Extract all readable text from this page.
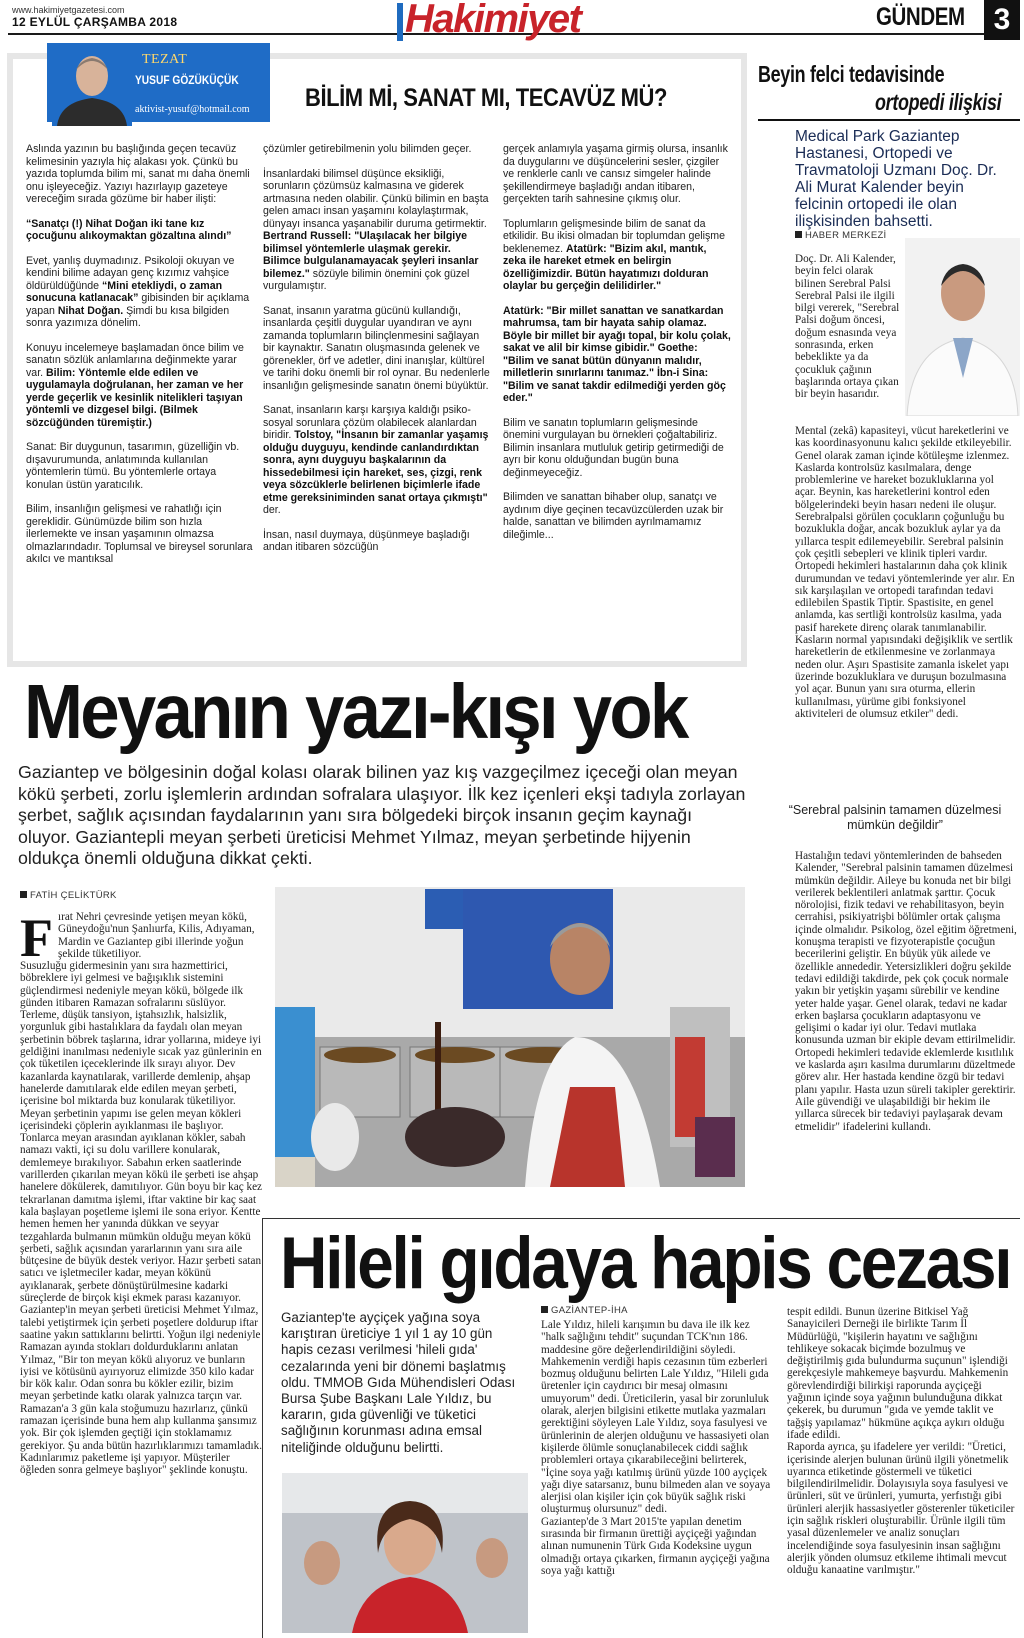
www.hakimiyetgazetesi.com
12 EYLÜL ÇARŞAMBA 2018	Hakimiyet	GÜNDEM 3
TEZAT
YUSUF GÖZÜKÜÇÜK
aktivist-yusuf@hotmail.com BİLİM Mİ, SANAT MI, TECAVÜZ MÜ?

Aslında yazının bu başlığında geçen tecavüz kelimesinin yazıyla hiç alakası yok. Çünkü bu yazıda toplumda bilim mi, sanat mı daha önemli onu işleyeceğiz. Yazıyı hazırlayıp gazeteye vereceğim sırada gözüme bir haber ilişti:

“Sanatçı (!) Nihat Doğan iki tane kız çocuğunu alıkoymaktan gözaltına alındı”

Evet, yanlış duymadınız. Psikoloji okuyan ve kendini bilime adayan genç kızımız vahşice öldürüldüğünde “Mini etekliydi, o zaman sonucuna katlanacak” gibisinden bir açıklama yapan Nihat Doğan. Şimdi bu kısa bilgiden sonra yazımıza dönelim.

Konuyu incelemeye başlamadan önce bilim ve sanatın sözlük anlamlarına değinmekte yarar var. Bilim: Yöntemle elde edilen ve uygulamayla doğrulanan, her zaman ve her yerde geçerlik ve kesinlik nitelikleri taşıyan yöntemli ve dizgesel bilgi. (Bilmek sözcüğünden türemiştir.)

Sanat: Bir duygunun, tasarımın, güzelliğin vb. dışavurumunda, anlatımında kullanılan yöntemlerin tümü. Bu yöntemlerle ortaya konulan üstün yaratıcılık.

Bilim, insanlığın gelişmesi ve rahatlığı için gereklidir. Günümüzde bilim son hızla ilerlemekte ve insan yaşamının olmazsa olmazlarındadır. Toplumsal ve bireysel sorunlara akılcı ve mantıksal

çözümler getirebilmenin yolu bilimden geçer.

İnsanlardaki bilimsel düşünce eksikliği, sorunların çözümsüz kalmasına ve giderek artmasına neden olabilir. Çünkü bilimin en başta gelen amacı insan yaşamını kolaylaştırmak, dünyayı insanca yaşanabilir duruma getirmektir. Bertrand Russell: "Ulaşılacak her bilgiye bilimsel yöntemlerle ulaşmak gerekir. Bilimce bulgulanamayacak şeyleri insanlar bilemez." sözüyle bilimin önemini çok güzel vurgulamıştır.

Sanat, insanın yaratma gücünü kullandığı, insanlarda çeşitli duygular uyandıran ve aynı zamanda toplumların bilinçlenmesini sağlayan bir kaynaktır. Sanatın oluşmasında gelenek ve görenekler, örf ve adetler, dini inanışlar, kültürel ve tarihi doku önemli bir rol oynar. Bu nedenlerle insanlığın gelişmesinde sanatın önemi büyüktür.

Sanat, insanların karşı karşıya kaldığı psiko-sosyal sorunlara çözüm olabilecek alanlardan biridir. Tolstoy, "İnsanın bir zamanlar yaşamış olduğu duyguyu, kendinde canlandırdıktan sonra, aynı duyguyu başkalarının da hissedebilmesi için hareket, ses, çizgi, renk veya sözcüklerle belirlenen biçimlerle ifade etme gereksiniminden sanat ortaya çıkmıştı" der.

İnsan, nasıl duymaya, düşünmeye başladığı andan itibaren sözcüğün

gerçek anlamıyla yaşama girmiş olursa, insanlık da duygularını ve düşüncelerini sesler, çizgiler ve renklerle canlı ve cansız simgeler halinde şekillendirmeye başladığı andan itibaren, gerçekten tarih sahnesine çıkmış olur.

Toplumların gelişmesinde bilim de sanat da etkilidir. Bu ikisi olmadan bir toplumdan gelişme beklenemez. Atatürk: "Bizim akıl, mantık, zeka ile hareket etmek en belirgin özelliğimizdir. Bütün hayatımızı dolduran olaylar bu gerçeğin delilidirler."

Atatürk: "Bir millet sanattan ve sanatkardan mahrumsa, tam bir hayata sahip olamaz. Böyle bir millet bir ayağı topal, bir kolu çolak, sakat ve alil bir kimse gibidir." Goethe: "Bilim ve sanat bütün dünyanın malıdır, milletlerin sınırlarını tanımaz." İbn-i Sina: "Bilim ve sanat takdir edilmediği yerden göç eder."

Bilim ve sanatın toplumların gelişmesinde önemini vurgulayan bu örnekleri çoğaltabiliriz. Bilimin insanlara mutluluk getirip getirmediği de ayrı bir konu olduğundan bugün buna değinmeyeceğiz.

Bilimden ve sanattan bihaber olup, sanatçı ve aydınım diye geçinen tecavüzcülerden uzak bir halde, sanattan ve bilimden ayrılmamamız dileğimle...

Beyin felci tedavisinde
ortopedi ilişkisi
Medical Park Gaziantep Hastanesi, Ortopedi ve Travmatoloji Uzmanı Doç. Dr. Ali Murat Kalender beyin felcinin ortopedi ile olan ilişkisinden bahsetti.
HABER MERKEZİ
Doç. Dr. Ali Kalender, beyin felci olarak bilinen Serebral Palsi Serebral Palsi ile ilgili bilgi vererek, "Serebral Palsi doğum öncesi, doğum esnasında veya sonrasında, erken bebeklikte ya da çocukluk çağının başlarında ortaya çıkan bir beyin hasarıdır.
Mental (zekâ) kapasiteyi, vücut hareketlerini ve kas koordinasyonunu kalıcı şekilde etkileyebilir. Genel olarak zaman içinde kötüleşme izlenmez. Kaslarda kontrolsüz kasılmalara, denge problemlerine ve hareket bozukluklarına yol açar. Beynin, kas hareketlerini kontrol eden bölgelerindeki beyin hasarı nedeni ile oluşur. Serebralpalsi görülen çocukların çoğunluğu bu bozuklukla doğar, ancak bozukluk aylar ya da yıllarca tespit edilemeyebilir. Serebral palsinin çok çeşitli sebepleri ve klinik tipleri vardır. Ortopedi hekimleri hastalarının daha çok klinik durumundan ve tedavi yöntemlerinde yer alır. En sık karşılaşılan ve ortopedi tarafından tedavi edilebilen Spastik Tiptir. Spastisite, en genel anlamda, kas sertliği kontrolsüz kasılma, yada pasif harekete direnç olarak tanımlanabilir. Kasların normal yapısındaki değişiklik ve sertlik hareketlerin de etkilenmesine ve zorlanmaya neden olur. Aşırı Spastisite zamanla iskelet yapı üzerinde bozukluklara ve duruşun bozulmasına yol açar. Bunun yanı sıra oturma, ellerin kullanılması, yürüme gibi fonksiyonel aktiviteleri de olumsuz etkiler" dedi.
“Serebral palsinin tamamen düzelmesi mümkün değildir”
Hastalığın tedavi yöntemlerinden de bahseden Kalender, "Serebral palsinin tamamen düzelmesi mümkün değildir. Aileye bu konuda net bir bilgi verilerek beklentileri anlatmak şarttır. Çocuk nörolojisi, fizik tedavi ve rehabilitasyon, beyin cerrahisi, psikiyatrişbi bölümler ortak çalışma içinde olmalıdır. Psikolog, özel eğitim öğretmeni, konuşma terapisti ve fizyoterapistle çocuğun becerilerini geliştir. En büyük yük ailede ve özellikle annededir. Yetersizlikleri doğru şekilde tedavi edildiği takdirde, pek çok çocuk normale yakın bir yetişkin yaşamı sürebilir ve kendine yeter halde yaşar. Genel olarak, tedavi ne kadar erken başlarsa çocukların adaptasyonu ve gelişimi o kadar iyi olur. Tedavi mutlaka konusunda uzman bir ekiple devam ettirilmelidir. Ortopedi hekimleri tedavide eklemlerde kısıtlılık ve kaslarda aşırı kasılma durumlarını düzeltmede görev alır. Her hastada kendine özgü bir tedavi planı yapılır. Hasta uzun süreli takipler gerektirir. Aile güvendiği ve ulaşabildiği bir hekim ile yıllarca sürecek bir tedaviyi paylaşarak devam etmelidir" ifadelerini kullandı.
Meyanın yazı-kışı yok
Gaziantep ve bölgesinin doğal kolası olarak bilinen yaz kış vazgeçilmez içeceği olan meyan kökü şerbeti, zorlu işlemlerin ardından sofralara ulaşıyor. İlk kez içenleri ekşi tadıyla zorlayan şerbet, sağlık açısından faydalarının yanı sıra bölgedeki birçok insanın geçim kaynağı oluyor. Gaziantepli meyan şerbeti üreticisi Mehmet Yılmaz, meyan şerbetinde hijyenin oldukça önemli olduğuna dikkat çekti.
FATİH ÇELİKTÜRK
F ırat Nehri çevresinde yetişen meyan kökü, Güneydoğu'nun Şanlıurfa, Kilis, Adıyaman, Mardin ve Gaziantep gibi illerinde yoğun şekilde tüketiliyor.
Susuzluğu gidermesinin yanı sıra hazmettirici, böbreklere iyi gelmesi ve bağışıklık sistemini güçlendirmesi nedeniyle meyan kökü, bölgede ilk günden itibaren Ramazan sofralarını süslüyor. Terleme, düşük tansiyon, iştahsızlık, halsizlik, yorgunluk gibi hastalıklara da faydalı olan meyan şerbetinin böbrek taşlarına, idrar yollarına, mideye iyi geldiğini inanılması nedeniyle sıcak yaz günlerinin en çok tüketilen içeceklerinde ilk sırayı alıyor. Dev kazanlarda kaynatılarak, varillerde demlenip, ahşap hanelerde damıtılarak elde edilen meyan şerbeti, içerisine bol miktarda buz konularak tüketiliyor.
Meyan şerbetinin yapımı ise gelen meyan kökleri içerisindeki çöplerin ayıklanması ile başlıyor. Tonlarca meyan arasından ayıklanan kökler, sabah namazı vakti, içi su dolu varillere konularak, demlemeye bırakılıyor. Sabahın erken saatlerinde varillerden çıkarılan meyan kökü ile şerbeti ise ahşap hanelere dökülerek, damıtılıyor. Gün boyu bir kaç kez tekrarlanan damıtma işlemi, iftar vaktine bir kaç saat kala başlayan poşetleme işlemi ile sona eriyor. Kentte hemen hemen her yanında dükkan ve seyyar tezgahlarda bulmanın mümkün olduğu meyan kökü şerbeti, sağlık açısından yararlarının yanı sıra aile bütçesine de büyük destek veriyor. Hazır şerbeti satan satıcı ve işletmeciler kadar, meyan kökünü ayıklanarak, şerbete dönüştürülmesine kadarki süreçlerde de birçok kişi ekmek parası kazanıyor.
Gaziantep'in meyan şerbeti üreticisi Mehmet Yılmaz, talebi yetiştirmek için şerbeti poşetlere doldurup iftar saatine yakın sattıklarını belirtti. Yoğun ilgi nedeniyle Ramazan ayında stokları doldurduklarını anlatan Yılmaz, "Bir ton meyan kökü alıyoruz ve bunların iyisi ve kötüsünü ayırıyoruz elimizde 350 kilo kadar bir kök kalır. Odan sonra bu kökler ezilir, bizim meyan şerbetinde katkı olarak yalnızca tarçın var. Ramazan'a 3 gün kala stoğumuzu hazırlarız, çünkü ramazan içerisinde buna hem alıp kullanma şansımız yok. Bir çok işlemden geçtiği için stoklamamız gerekiyor. Şu anda bütün hazırlıklarımızı tamamladık. Kadınlarımız paketleme işi yapıyor. Müşteriler öğleden sonra gelmeye başlıyor" şeklinde konuştu.
Hileli gıdaya hapis cezası
Gaziantep'te ayçiçek yağına soya karıştıran üreticiye 1 yıl 1 ay 10 gün hapis cezası verilmesi 'hileli gıda' cezalarında yeni bir dönemi başlatmış oldu. TMMOB Gıda Mühendisleri Odası Bursa Şube Başkanı Lale Yıldız, bu kararın, gıda güvenliği ve tüketici sağlığının korunması adına emsal niteliğinde olduğunu belirtti.
GAZİANTEP-İHA
Lale Yıldız, hileli karışımın bu dava ile ilk kez "halk sağlığını tehdit" suçundan TCK'nın 186. maddesine göre değerlendirildiğini söyledi. Mahkemenin verdiği hapis cezasının tüm ezberleri bozmuş olduğunu belirten Lale Yıldız, "Hileli gıda üretenler için caydırıcı bir mesaj olmasını umuyorum" dedi. Üreticilerin, yasal bir zorunluluk olarak, alerjen bilgisini etikette mutlaka yazmaları gerektiğini söyleyen Lale Yıldız, soya fasulyesi ve ürünlerinin de alerjen olduğunu ve hassasiyeti olan kişilerde ölümle sonuçlanabilecek ciddi sağlık problemleri ortaya çıkarabileceğini belirterek, "İçine soya yağı katılmış ürünü yüzde 100 ayçiçek yağı diye satarsanız, bunu bilmeden alan ve soyaya alerjisi olan kişiler için çok büyük sağlık riski oluşturmuş olursunuz" dedi.
Gaziantep'de 3 Mart 2015'te yapılan denetim sırasında bir firmanın ürettiği ayçiçeği yağından alınan numunenin Türk Gıda Kodeksine uygun olmadığı ortaya çıkarken, firmanın ayçiçeği yağına soya yağı kattığı
tespit edildi. Bunun üzerine Bitkisel Yağ Sanayicileri Derneği ile birlikte Tarım İl Müdürlüğü, "kişilerin hayatını ve sağlığını tehlikeye sokacak biçimde bozulmuş ve değiştirilmiş gıda bulundurma suçunun" işlendiği gerekçesiyle mahkemeye başvurdu. Mahkemenin görevlendirdiği bilirkişi raporunda ayçiçeği yağının içinde soya yağının bulunduğuna dikkat çekerek, bu durumun "gıda ve yemde taklit ve tağşiş yapılamaz" hükmüne açıkça aykırı olduğu ifade edildi.
Raporda ayrıca, şu ifadelere yer verildi: "Üretici, içerisinde alerjen bulunan ürünü ilgili yönetmelik uyarınca etiketinde göstermeli ve tüketici bilgilendirilmelidir. Dolayısıyla soya fasulyesi ve ürünleri, süt ve ürünleri, yumurta, yerfıstığı gibi ürünleri alerjik hassasiyetler gösterenler tüketiciler için sağlık riskleri oluşturabilir. Ürünle ilgili tüm yasal düzenlemeler ve analiz sonuçları incelendiğinde soya fasulyesinin insan sağlığını alerjik yönden olumsuz etkileme ihtimali mevcut olduğu kanaatine varılmıştır."
